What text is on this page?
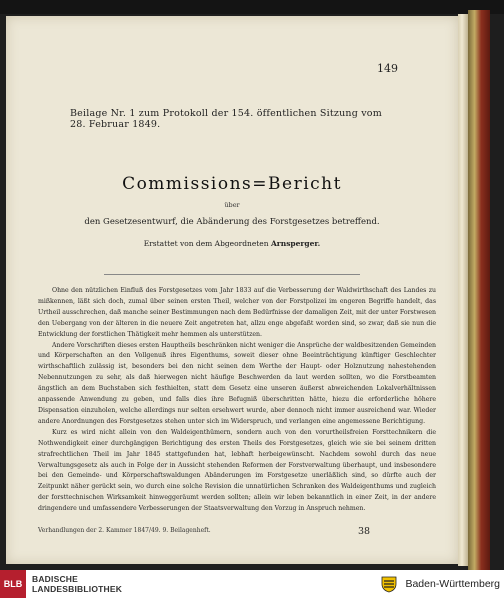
149
Beilage Nr. 1 zum Protokoll der 154. öffentlichen Sitzung vom 28. Februar 1849.
Commissions=Bericht
über
den Gesetzesentwurf, die Abänderung des Forstgesetzes betreffend.
Erstattet von dem Abgeordneten Arnsperger.

Ohne den nützlichen Einfluß des Forstgesetzes vom Jahr 1833 auf die Verbesserung der Waldwirthschaft des Landes zu mißkennen, läßt sich doch, zumal über seinen ersten Theil, welcher von der Forstpolizei im engeren Begriffe handelt, das Urtheil ausschrechen, daß manche seiner Bestimmungen nach dem Bedürfnisse der damaligen Zeit, mit der unter Forstwesen den Uebergang von der älteren in die neuere Zeit angetreten hat, allzu enge abgefaßt worden sind, so zwar, daß sie nun die Entwicklung der forstlichen Thätigkeit mehr hemmen als unterstützen.

Andere Vorschriften dieses ersten Hauptheils beschränken nicht weniger die Ansprüche der waldbesitzenden Gemeinden und Körperschaften an den Vollgenuß ihres Eigenthums, soweit dieser ohne Beeinträchtigung künftiger Geschlechter wirthschaftlich zulässig ist, besonders bei den nicht seinen dem Werthe der Haupt- oder Holznutzung nahestehenden Nebennutzungen zu sehr, als daß hierwegen nicht häufige Beschwerden da laut werden sollten, wo die Forstbeamten ängstlich an dem Buchstaben sich festhielten, statt dem Gesetz eine unseren äußerst abweichenden Lokalverhältnissen anpassende Anwendung zu geben, und falls dies ihre Befugniß überschritten hätte, hiezu die erforderliche höhere Dispensation einzuholen, welche allerdings nur selten ersehwert wurde, aber dennoch nicht immer ausreichend war. Wieder andere Anordnungen des Forstgesetzes stehen unter sich im Widerspruch, und verlangen eine angemessene Berichtigung.

Kurz es wird nicht allein von den Waldeigenthümern, sondern auch von den vorurtheilsfreien Forsttechnikern die Nothwendigkeit einer durchgängigen Berichtigung des ersten Theils des Forstgesetzes, gleich wie sie bei seinem dritten strafrechtlichen Theil im Jahr 1845 stattgefunden hat, lebhaft herbeigewünscht. Nachdem sowohl durch das neue Verwaltungsgesetz als auch in Folge der in Aussicht stehenden Reformen der Forstverwaltung überhaupt, und insbesondere bei den Gemeinde- und Körperschaftswaldungen Abänderungen im Forstgesetze unerläßlich sind, so dürfte auch der Zeitpunkt näher gerückt sein, wo durch eine solche Revision die unnatürlichen Schranken des Waldeigenthums und zugleich der forsttechnischen Wirksamkeit hinweggeräumt werden sollten; allein wir leben bekanntlich in einer Zeit, in der andere dringendere und umfassendere Verbesserungen der Staatsverwaltung den Vorzug in Anspruch nehmen.

Verhandlungen der 2. Kammer 1847/49. 9. Beilagenheft.	38
BLB	BADISCHE
LANDESBIBLIOTHEK	Baden-Württemberg
